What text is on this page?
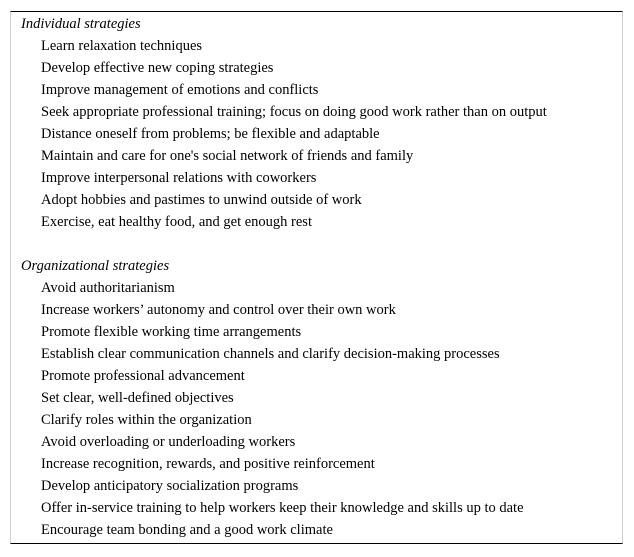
Individual strategies
Learn relaxation techniques
Develop effective new coping strategies
Improve management of emotions and conflicts
Seek appropriate professional training; focus on doing good work rather than on output
Distance oneself from problems; be flexible and adaptable
Maintain and care for one's social network of friends and family
Improve interpersonal relations with coworkers
Adopt hobbies and pastimes to unwind outside of work
Exercise, eat healthy food, and get enough rest
Organizational strategies
Avoid authoritarianism
Increase workers’ autonomy and control over their own work
Promote flexible working time arrangements
Establish clear communication channels and clarify decision-making processes
Promote professional advancement
Set clear, well-defined objectives
Clarify roles within the organization
Avoid overloading or underloading workers
Increase recognition, rewards, and positive reinforcement
Develop anticipatory socialization programs
Offer in-service training to help workers keep their knowledge and skills up to date
Encourage team bonding and a good work climate
